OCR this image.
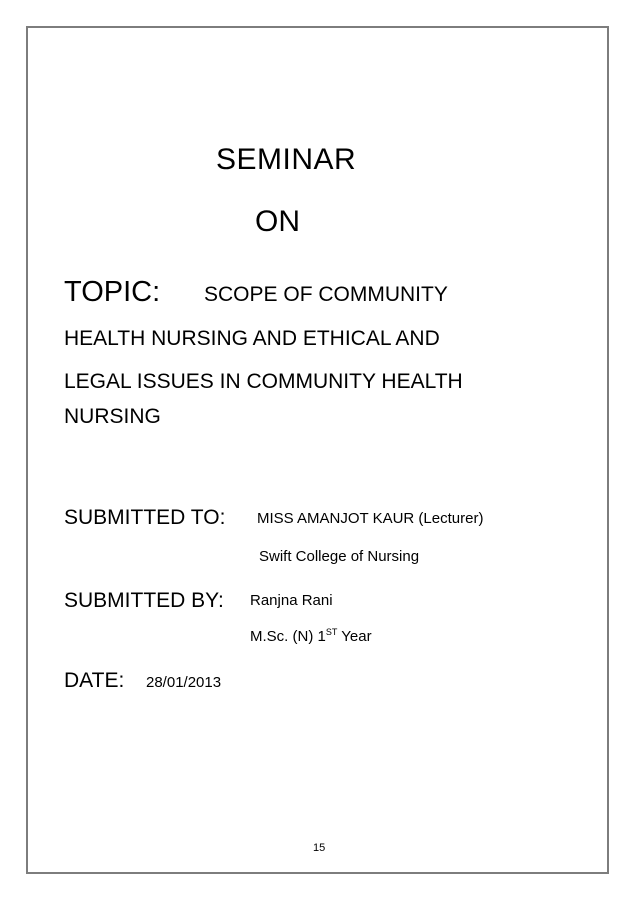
SEMINAR
ON
TOPIC: SCOPE OF COMMUNITY
HEALTH NURSING AND ETHICAL AND
LEGAL ISSUES IN COMMUNITY HEALTH
NURSING
SUBMITTED TO: MISS AMANJOT KAUR (Lecturer)
Swift College of Nursing
SUBMITTED BY: Ranjna Rani
M.Sc. (N) 1ST Year
DATE: 28/01/2013
15
